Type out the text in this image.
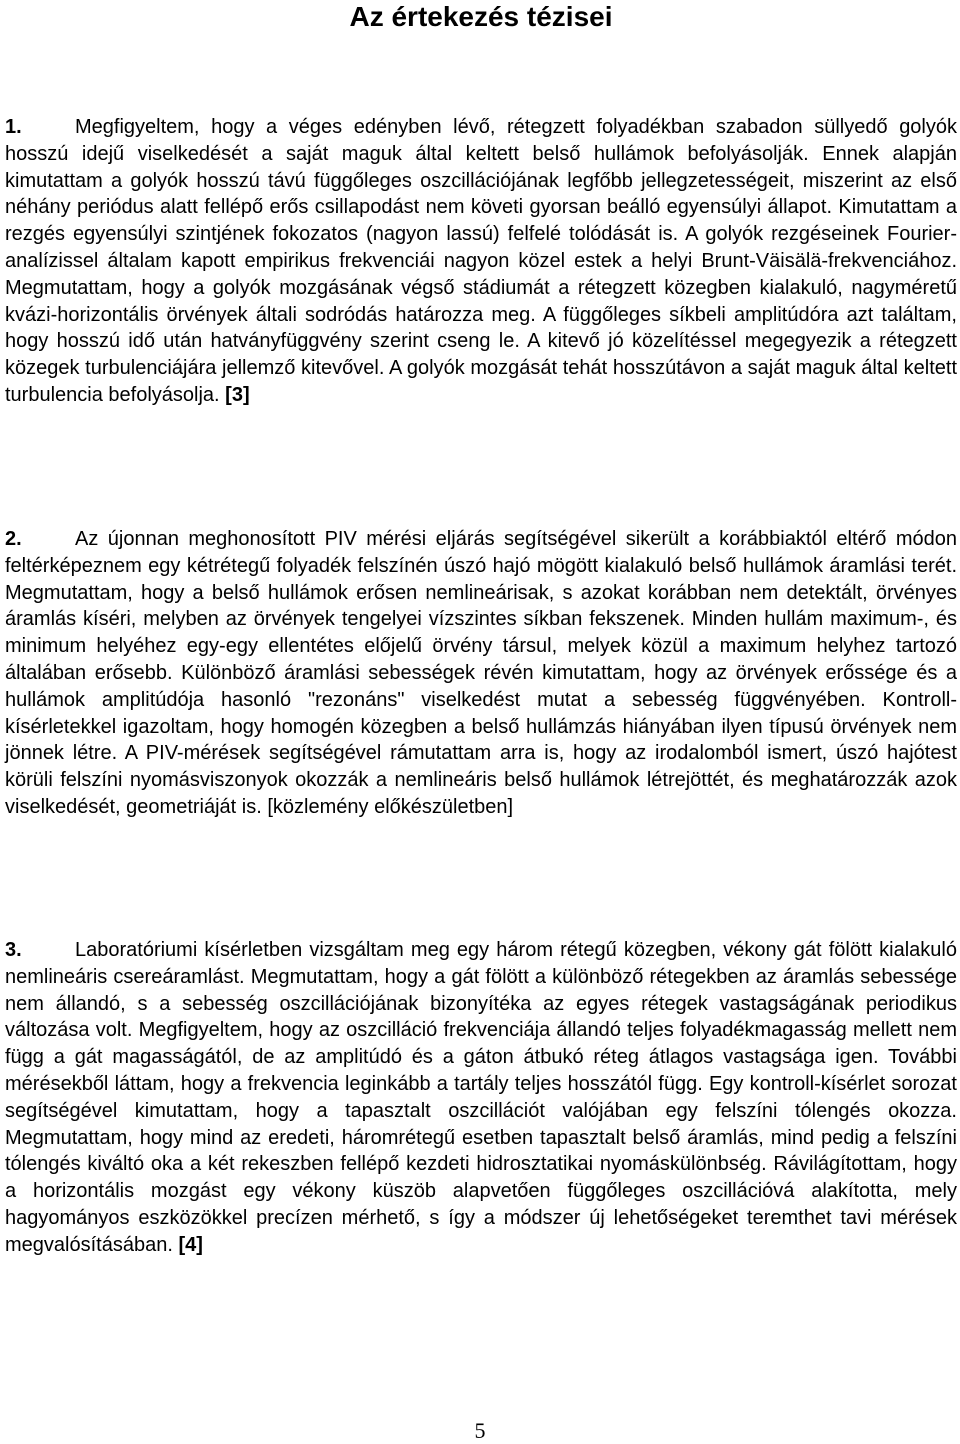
Az értekezés tézisei

1.	Megfigyeltem, hogy a véges edényben lévő, rétegzett folyadékban szabadon süllyedő golyók hosszú idejű viselkedését a saját maguk által keltett belső hullámok befolyásolják. Ennek alapján kimutattam a golyók hosszú távú függőleges oszcillációjának legfőbb jellegzetességeit, miszerint az első néhány periódus alatt fellépő erős csillapodást nem követi gyorsan beálló egyensúlyi állapot. Kimutattam a rezgés egyensúlyi szintjének fokozatos (nagyon lassú) felfelé tolódását is. A golyók rezgéseinek Fourier-analízissel általam kapott empirikus frekvenciái nagyon közel estek a helyi Brunt-Väisälä-frekvenciához. Megmutattam, hogy a golyók mozgásának végső stádiumát a rétegzett közegben kialakuló, nagyméretű kvázi-horizontális örvények általi sodródás határozza meg. A függőleges síkbeli amplitúdóra azt találtam, hogy hosszú idő után hatványfüggvény szerint cseng le. A kitevő jó közelítéssel megegyezik a rétegzett közegek turbulenciájára jellemző kitevővel. A golyók mozgását tehát hosszútávon a saját maguk által keltett turbulencia befolyásolja. [3]

2.	Az újonnan meghonosított PIV mérési eljárás segítségével sikerült a korábbiaktól eltérő módon feltérképeznem egy kétrétegű folyadék felszínén úszó hajó mögött kialakuló belső hullámok áramlási terét. Megmutattam, hogy a belső hullámok erősen nemlineárisak, s azokat korábban nem detektált, örvényes áramlás kíséri, melyben az örvények tengelyei vízszintes síkban fekszenek. Minden hullám maximum-, és minimum helyéhez egy-egy ellentétes előjelű örvény társul, melyek közül a maximum helyhez tartozó általában erősebb. Különböző áramlási sebességek révén kimutattam, hogy az örvények erőssége és a hullámok amplitúdója hasonló "rezonáns" viselkedést mutat a sebesség függvényében. Kontroll-kísérletekkel igazoltam, hogy homogén közegben a belső hullámzás hiányában ilyen típusú örvények nem jönnek létre. A PIV-mérések segítségével rámutattam arra is, hogy az irodalomból ismert, úszó hajótest körüli felszíni nyomásviszonyok okozzák a nemlineáris belső hullámok létrejöttét, és meghatározzák azok viselkedését, geometriáját is. [közlemény előkészületben]

3.	Laboratóriumi kísérletben vizsgáltam meg egy három rétegű közegben, vékony gát fölött kialakuló nemlineáris cserеáramlást. Megmutattam, hogy a gát fölött a különböző rétegekben az áramlás sebessége nem állandó, s a sebesség oszcillációjának bizonyítéka az egyes rétegek vastagságának periodikus változása volt. Megfigyeltem, hogy az oszcilláció frekvenciája állandó teljes folyadékmagasság mellett nem függ a gát magasságától, de az amplitúdó és a gáton átbukó réteg átlagos vastagsága igen. További mérésekből láttam, hogy a frekvencia leginkább a tartály teljes hosszától függ. Egy kontroll-kísérlet sorozat segítségével kimutattam, hogy a tapasztalt oszcillációt valójában egy felszíni tólengés okozza. Megmutattam, hogy mind az eredeti, háromrétegű esetben tapasztalt belső áramlás, mind pedig a felszíni tólengés kiváltó oka a két rekeszben fellépő kezdeti hidrosztatikai nyomáskülönbség. Rávilágítottam, hogy a horizontális mozgást egy vékony küszöb alapvetően függőleges oszcillációvá alakította, mely hagyományos eszközökkel precízen mérhető, s így a módszer új lehetőségeket teremthet tavi mérések megvalósításában. [4]

5
